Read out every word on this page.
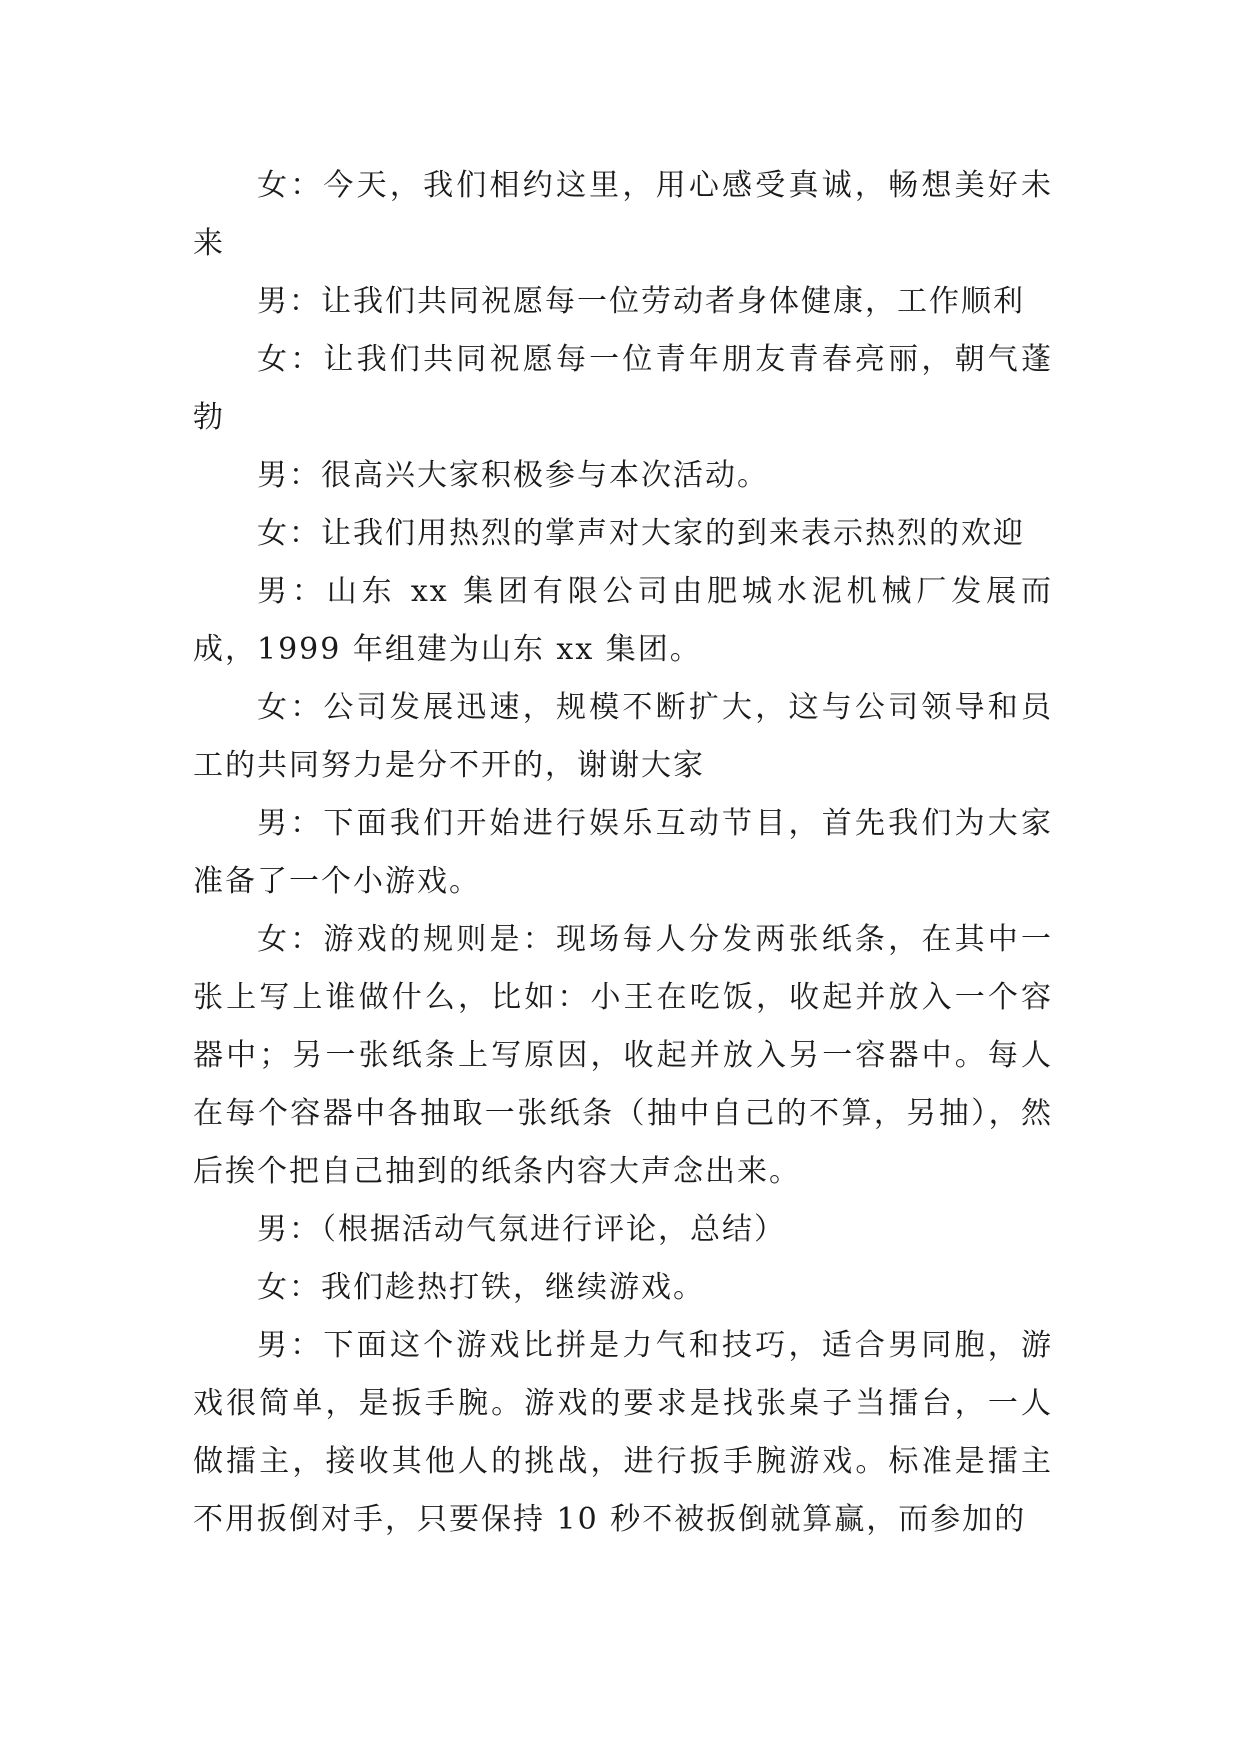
女：今天，我们相约这里，用心感受真诚，畅想美好未来

男：让我们共同祝愿每一位劳动者身体健康，工作顺利

女：让我们共同祝愿每一位青年朋友青春亮丽，朝气蓬勃

男：很高兴大家积极参与本次活动。

女：让我们用热烈的掌声对大家的到来表示热烈的欢迎

男：山东 xx 集团有限公司由肥城水泥机械厂发展而成，1999 年组建为山东 xx 集团。

女：公司发展迅速，规模不断扩大，这与公司领导和员工的共同努力是分不开的，谢谢大家

男：下面我们开始进行娱乐互动节目，首先我们为大家准备了一个小游戏。

女：游戏的规则是：现场每人分发两张纸条，在其中一张上写上谁做什么，比如：小王在吃饭，收起并放入一个容器中；另一张纸条上写原因，收起并放入另一容器中。每人在每个容器中各抽取一张纸条（抽中自己的不算，另抽），然后挨个把自己抽到的纸条内容大声念出来。

男：（根据活动气氛进行评论，总结）

女：我们趁热打铁，继续游戏。

男：下面这个游戏比拼是力气和技巧，适合男同胞，游戏很简单，是扳手腕。游戏的要求是找张桌子当擂台，一人做擂主，接收其他人的挑战，进行扳手腕游戏。标准是擂主不用扳倒对手，只要保持 10 秒不被扳倒就算赢，而参加的
